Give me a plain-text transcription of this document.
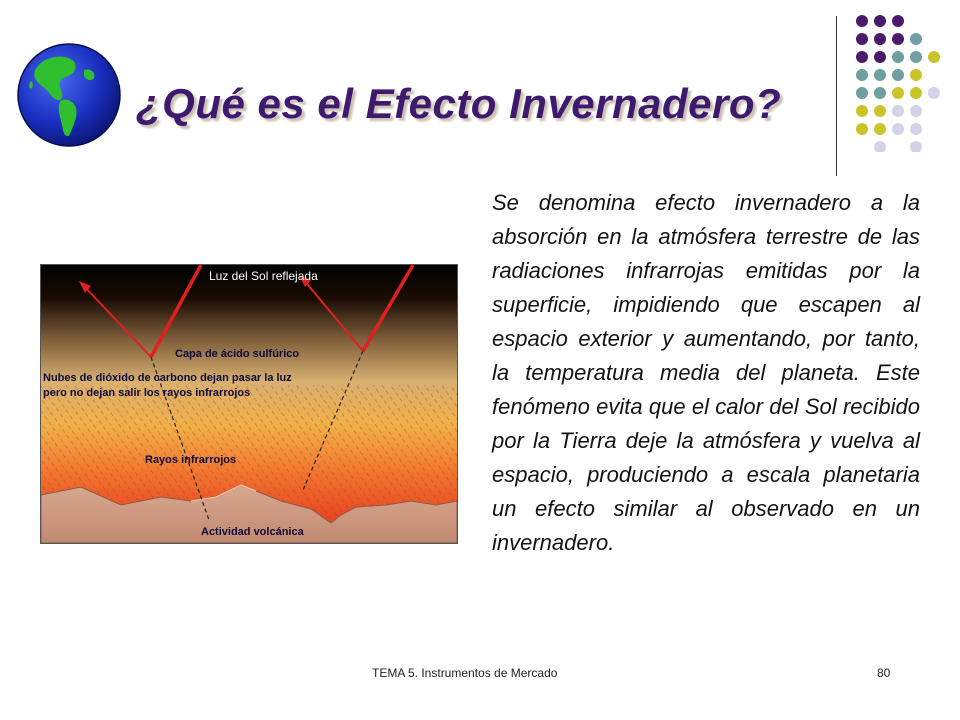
¿Qué es el Efecto Invernadero?
Luz del Sol reflejada
Capa de ácido sulfúrico
Nubes de dióxido de carbono dejan pasar la luz pero no dejan salir los rayos infrarrojos
Rayos infrarrojos
Actividad volcánica

Se denomina efecto invernadero a la absorción en la atmósfera terrestre de las radiaciones infrarrojas emitidas por la superficie, impidiendo que escapen al espacio exterior y aumentando, por tanto, la temperatura media del planeta. Este fenómeno evita que el calor del Sol recibido por la Tierra deje la atmósfera y vuelva al espacio, produciendo a escala planetaria un efecto similar al observado en un invernadero.

TEMA 5. Instrumentos de Mercado	80
